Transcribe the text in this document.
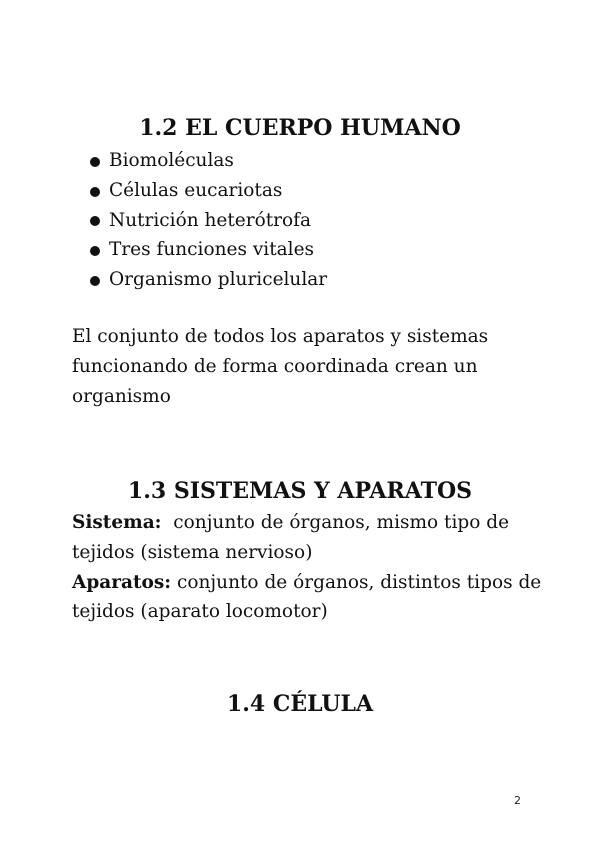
1.2 EL CUERPO HUMANO
Biomoléculas
Células eucariotas
Nutrición heterótrofa
Tres funciones vitales
Organismo pluricelular

El conjunto de todos los aparatos y sistemas funcionando de forma coordinada crean un organismo

1.3 SISTEMAS Y APARATOS
Sistema:  conjunto de órganos, mismo tipo de tejidos (sistema nervioso)
Aparatos: conjunto de órganos, distintos tipos de tejidos (aparato locomotor)
1.4 CÉLULA
2
